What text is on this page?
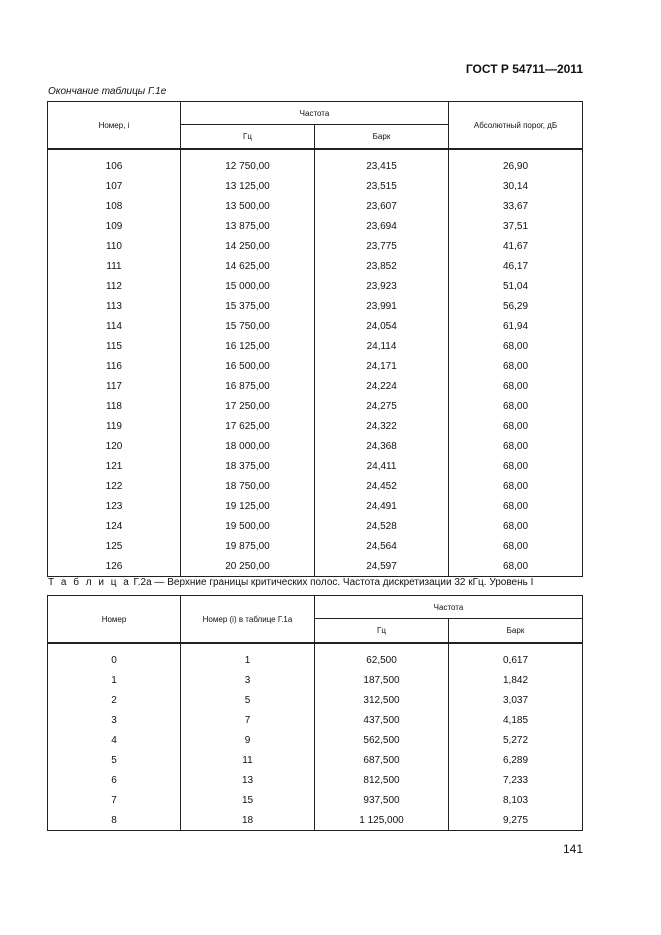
ГОСТ Р 54711—2011
Окончание таблицы Г.1е
Номер, i	Частота		Абсолютный порог, дБ
	Гц	Барк	
106	12 750,00	23,415	26,90
107	13 125,00	23,515	30,14
108	13 500,00	23,607	33,67
109	13 875,00	23,694	37,51
110	14 250,00	23,775	41,67
111	14 625,00	23,852	46,17
112	15 000,00	23,923	51,04
113	15 375,00	23,991	56,29
114	15 750,00	24,054	61,94
115	16 125,00	24,114	68,00
116	16 500,00	24,171	68,00
117	16 875,00	24,224	68,00
118	17 250,00	24,275	68,00
119	17 625,00	24,322	68,00
120	18 000,00	24,368	68,00
121	18 375,00	24,411	68,00
122	18 750,00	24,452	68,00
123	19 125,00	24,491	68,00
124	19 500,00	24,528	68,00
125	19 875,00	24,564	68,00
126	20 250,00	24,597	68,00
Т а б л и ц а Г.2а — Верхние границы критических полос. Частота дискретизации 32 кГц. Уровень I
Номер	Номер (i) в таблице Г.1а	Частота	
		Гц	Барк
0	1	62,500	0,617
1	3	187,500	1,842
2	5	312,500	3,037
3	7	437,500	4,185
4	9	562,500	5,272
5	11	687,500	6,289
6	13	812,500	7,233
7	15	937,500	8,103
8	18	1 125,000	9,275
141
